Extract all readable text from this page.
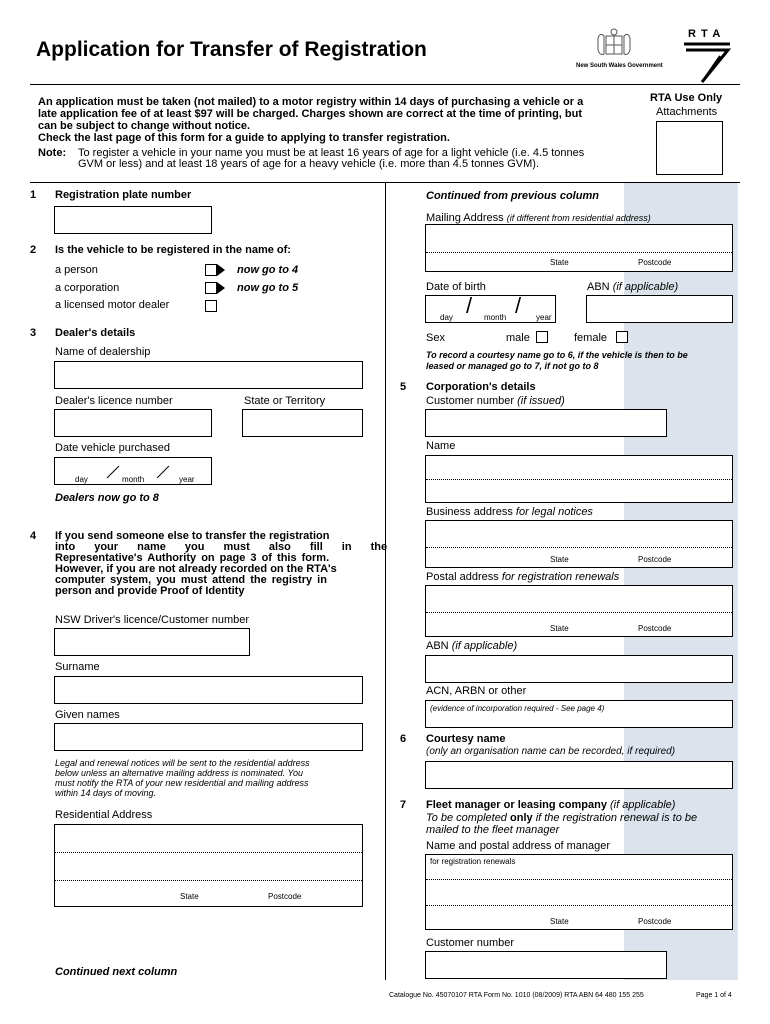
Application for Transfer of Registration
New South Wales Government
R T A
An application must be taken (not mailed) to a motor registry within 14 days of purchasing a vehicle or a
late application fee of at least $97 will be charged. Charges shown are correct at the time of printing, but
can be subject to change without notice.
Check the last page of this form for a guide to applying to transfer registration.
Note: To register a vehicle in your name you must be at least 16 years of age for a light vehicle (i.e. 4.5 tonnes
GVM or less) and at least 18 years of age for a heavy vehicle (i.e. more than 4.5 tonnes GVM).
RTA Use Only
Attachments
1 Registration plate number
2 Is the vehicle to be registered in the name of:
a person	now go to 4
a corporation	now go to 5
a licensed motor dealer
3 Dealer's details
Name of dealership
Dealer's licence number	State or Territory
Date vehicle purchased
day	month	year
Dealers now go to 8
4 If you send someone else to transfer the registration
into your name you must also fill in the
Representative's Authority on page 3 of this form.
However, if you are not already recorded on the RTA's
computer system, you must attend the registry in
person and provide Proof of Identity
NSW Driver's licence/Customer number
Surname
Given names
Legal and renewal notices will be sent to the residential address
below unless an alternative mailing address is nominated. You
must notify the RTA of your new residential and mailing address
within 14 days of moving.
Residential Address
State	Postcode
Continued next column
Continued from previous column
Mailing Address (if different from residential address)
State	Postcode
Date of birth	ABN (if applicable)
/ /
day	month	year
Sex	male	female
To record a courtesy name go to 6, if the vehicle is then to be
leased or managed go to 7, if not go to 8
5 Corporation's details
Customer number (if issued)
Name
Business address for legal notices
State	Postcode
Postal address for registration renewals
State	Postcode
ABN (if applicable)
ACN, ARBN or other
(evidence of incorporation required - See page 4)
6 Courtesy name
(only an organisation name can be recorded, if required)
7 Fleet manager or leasing company (if applicable)
To be completed only if the registration renewal is to be
mailed to the fleet manager
Name and postal address of manager
for registration renewals
State	Postcode
Customer number
Catalogue No. 45070107 RTA Form No. 1010 (08/2009) RTA ABN 64 480 155 255	Page 1 of 4
